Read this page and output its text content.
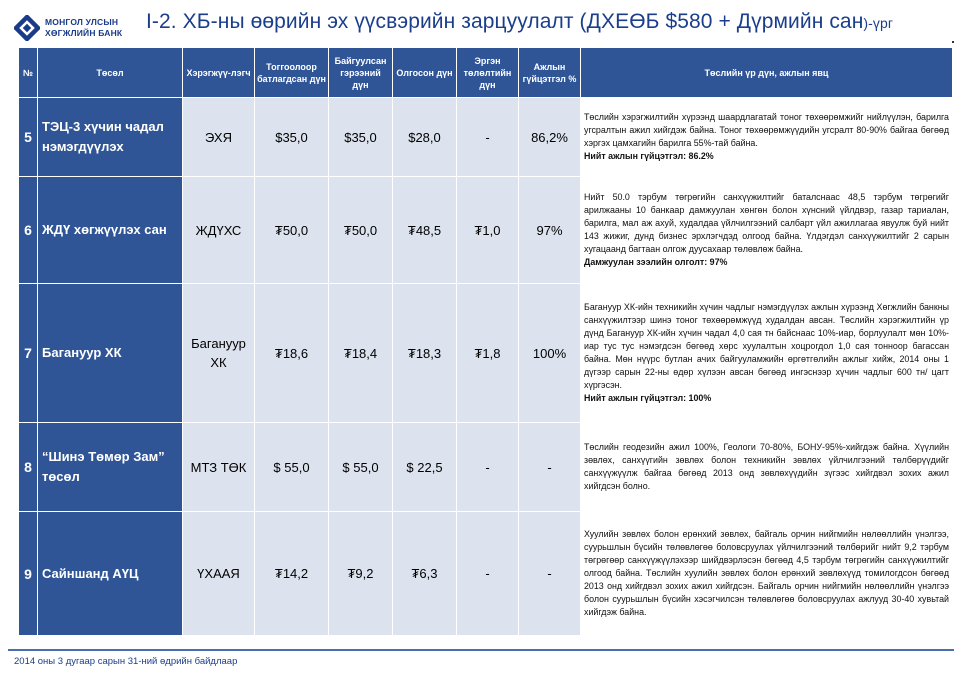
МОНГОЛ УЛСЫН
ХӨГЖЛИЙН БАНК I-2. ХБ-ны өөрийн эх үүсвэрийн зарцуулалт (ДХЕӨБ $580 + Дүрмийн сан)-үрг
№	Төсөл	Хэрэгжүү-лэгч	Тоггоолоор батлагдсан дүн	Байгуулсан гэрээний дүн	Олгосон дүн	Эргэн төлөлтийн дүн	Ажлын гүйцэтгэл %	Төслийн үр дүн, ажлын явц
5	ТЭЦ-3 хүчин чадал нэмэгдүүлэх	ЭХЯ	$35,0	$35,0	$28,0	-	86,2%	Төслийн хэрэгжилтийн хүрээнд шаардлагатай тоног төхөөрөмжийг нийлүүлэн, барилга угсралтын ажил хийгдэж байна. Тоног төхөөрөмжүүдийн угсралт 80-90% байгаа бөгөөд хэргэх цамхагийн барилга 55%-тай байна.
Нийт ажлын гүйцэтгэл: 86.2%

6	ЖДҮ хөгжүүлэх сан	ЖДҮХС	₮50,0	₮50,0	₮48,5	₮1,0	97%	Нийт 50.0 тэрбум төгрөгийн санхүүжилтийг баталснаас 48,5 тэрбум төгрөгийг арилжааны 10 банкаар дамжуулан хөнгөн болон хүнсний үйлдвэр, газар тариалан, барилга, мал аж ахуй, худалдаа үйлчилгээний салбарт үйл ажиллагаа явуулж буй нийт 143 жижиг, дунд бизнес эрхлэгчдэд олгоод байна. Үлдэгдэл санхүүжилтийг 2 сарын хугацаанд багтаан олгож дуусахаар төлөвлөж байна.
Дамжуулан зээлийн олголт: 97%

7	Багануур ХК	Багануур ХК	₮18,6	₮18,4	₮18,3	₮1,8	100%	Багануур ХК-ийн техникийн хүчин чадлыг нэмэгдүүлэх ажлын хүрээнд Хөгжлийн банкны санхүүжилтээр шинэ тоног төхөөрөмжүүд худалдан авсан. Төслийн хэрэгжилтийн үр дүнд Багануур ХК-ийн хүчин чадал 4,0 сая тн байснаас 10%-иар, борлуулалт мөн 10%-иар тус тус нэмэгдсэн бөгөөд хөрс хуулалтын хоцрогдол 1,0 сая тонноор багассан байна. Мөн нүүрс бутлан ачих байгууламжийн өргөтгөлийн ажлыг хийж, 2014 оны 1 дүгээр сарын 22-ны өдөр хүлээн авсан бөгөөд ингэснээр хүчин чадлыг 600 тн/ цагт хүргэсэн.
Нийт ажлын гүйцэтгэл: 100%

8	“Шинэ Төмөр Зам” төсөл	МТЗ ТӨК	$ 55,0	$ 55,0	$ 22,5	-	-	Төслийн геодезийн ажил 100%, Геологи 70-80%, БОНУ-95%-хийгдэж байна. Хүүлийн зөвлөх, санхүүгийн зөвлөх болон техникийн зөвлөх үйлчилгээний төлбөрүүдийг санхүүжүүлж байгаа бөгөөд 2013 онд зөвлөхүүдийн зүгээс хийгдвэл зохих ажил хийгдсэн болно.
9	Сайншанд АҮЦ	ҮХААЯ	₮14,2	₮9,2	₮6,3	-	-	Хуулийн зөвлөх болон ерөнхий зөвлөх, байгаль орчин нийгмийн нөлөөллийн үнэлгээ, суурьшлын бүсийн төлөвлөгөө боловсруулах үйлчилгээний төлбөрийг нийт 9,2 тэрбум төгрөгөөр санхүүжүүлэхээр шийдвэрлэсэн бөгөөд 4,5 тэрбум төгрөгийн санхүүжилтийг олгоод байна. Төслийн хуулийн зөвлөх болон ерөнхий зөвлөхүүд томилогдсон бөгөөд 2013 онд хийгдвэл зохих ажил хийгдсэн. Байгаль орчин нийгмийн нөлөөллийн үнэлгээ болон суурьшлын бүсийн хэсэгчилсэн төлөвлөгөө боловсруулах ажлууд 30-40 хувьтай хийгдэж байна.
2014 оны 3 дугаар сарын 31-ний өдрийн байдлаар
